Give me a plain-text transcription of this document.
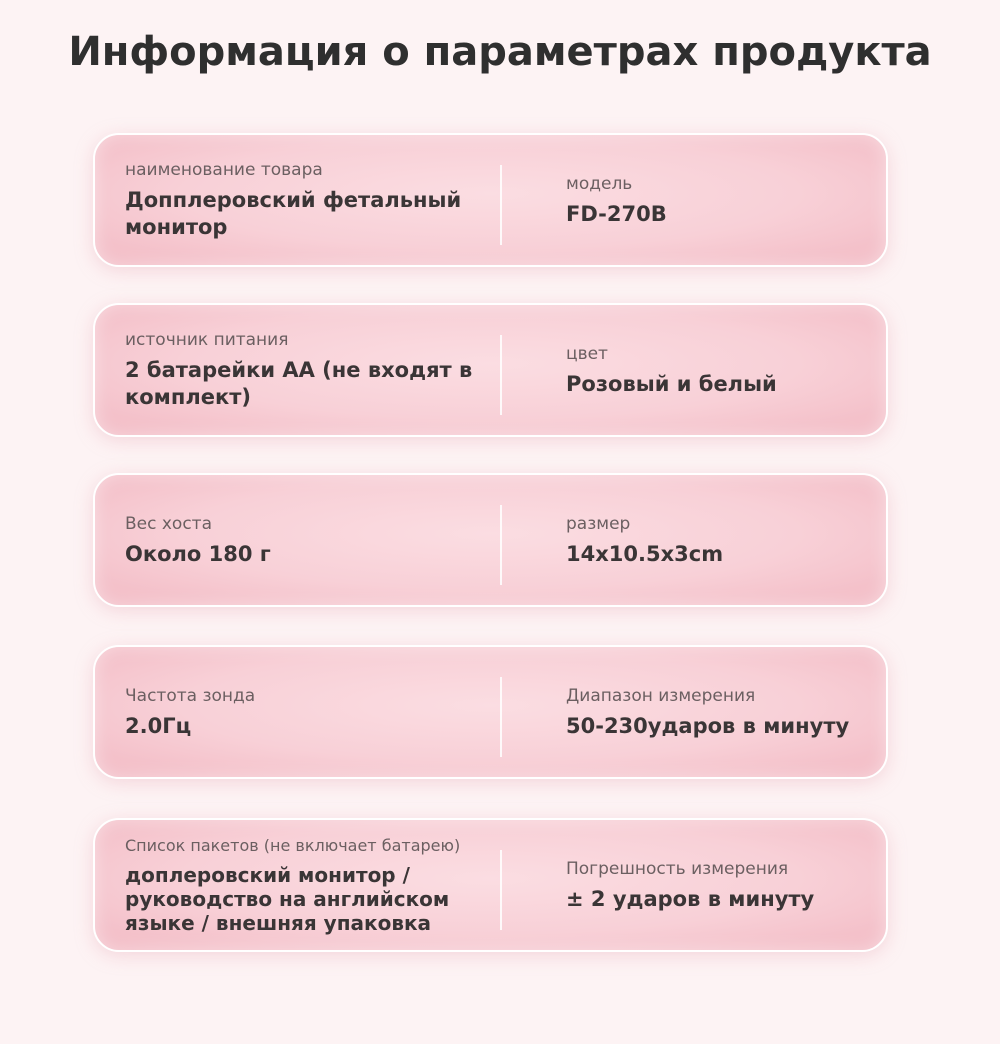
Информация о параметрах продукта
наименование товара
Допплеровский фетальный монитор
модель
FD-270B
источник питания
2 батарейки AA (не входят в комплект)
цвет
Розовый и белый
Вес хоста
Около 180 г
размер
14x10.5x3cm
Частота зонда
2.0Гц
Диапазон измерения
50-230ударов в минуту
Список пакетов (не включает батарею)
доплеровский монитор / руководство на английском языке / внешняя упаковка
Погрешность измерения
± 2 ударов в минуту
